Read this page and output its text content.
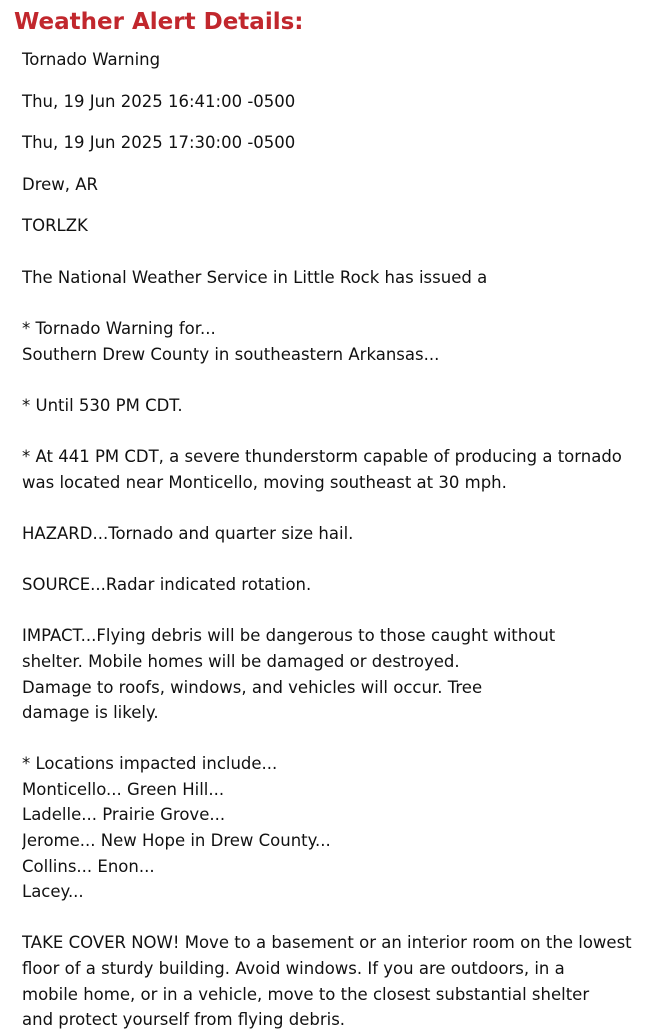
Weather Alert Details:

Tornado Warning

Thu, 19 Jun 2025 16:41:00 -0500

Thu, 19 Jun 2025 17:30:00 -0500

Drew, AR

TORLZK

The National Weather Service in Little Rock has issued a
* Tornado Warning for...
Southern Drew County in southeastern Arkansas...
* Until 530 PM CDT.
* At 441 PM CDT, a severe thunderstorm capable of producing a tornado
was located near Monticello, moving southeast at 30 mph.
HAZARD...Tornado and quarter size hail.
SOURCE...Radar indicated rotation.
IMPACT...Flying debris will be dangerous to those caught without
shelter. Mobile homes will be damaged or destroyed.
Damage to roofs, windows, and vehicles will occur. Tree
damage is likely.
* Locations impacted include...
Monticello... Green Hill...
Ladelle... Prairie Grove...
Jerome... New Hope in Drew County...
Collins... Enon...
Lacey...
TAKE COVER NOW! Move to a basement or an interior room on the lowest
floor of a sturdy building. Avoid windows. If you are outdoors, in a
mobile home, or in a vehicle, move to the closest substantial shelter
and protect yourself from flying debris.
